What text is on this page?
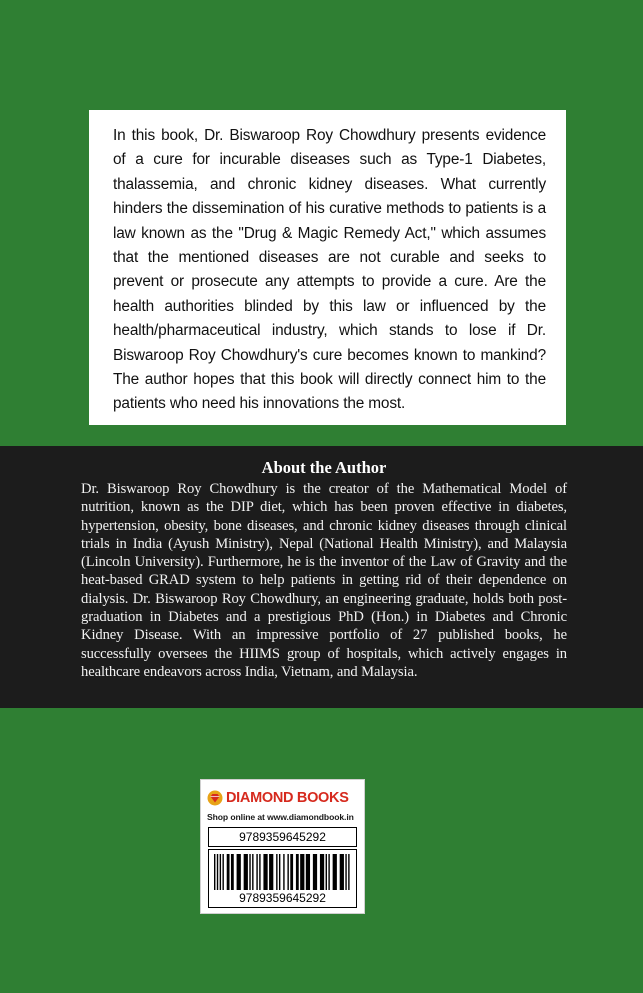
In this book, Dr. Biswaroop Roy Chowdhury presents evidence of a cure for incurable diseases such as Type-1 Diabetes, thalassemia, and chronic kidney diseases. What currently hinders the dissemination of his curative methods to patients is a law known as the "Drug & Magic Remedy Act," which assumes that the mentioned diseases are not curable and seeks to prevent or prosecute any attempts to provide a cure. Are the health authorities blinded by this law or influenced by the health/pharmaceutical industry, which stands to lose if Dr. Biswaroop Roy Chowdhury's cure becomes known to mankind? The author hopes that this book will directly connect him to the patients who need his innovations the most.

About the Author

Dr. Biswaroop Roy Chowdhury is the creator of the Mathematical Model of nutrition, known as the DIP diet, which has been proven effective in diabetes, hypertension, obesity, bone diseases, and chronic kidney diseases through clinical trials in India (Ayush Ministry), Nepal (National Health Ministry), and Malaysia (Lincoln University). Furthermore, he is the inventor of the Law of Gravity and the heat-based GRAD system to help patients in getting rid of their dependence on dialysis. Dr. Biswaroop Roy Chowdhury, an engineering graduate, holds both post-graduation in Diabetes and a prestigious PhD (Hon.) in Diabetes and Chronic Kidney Disease. With an impressive portfolio of 27 published books, he successfully oversees the HIIMS group of hospitals, which actively engages in healthcare endeavors across India, Vietnam, and Malaysia.

DIAMOND BOOKS
Shop online at www.diamondbook.in
9789359645292
9789359645292
